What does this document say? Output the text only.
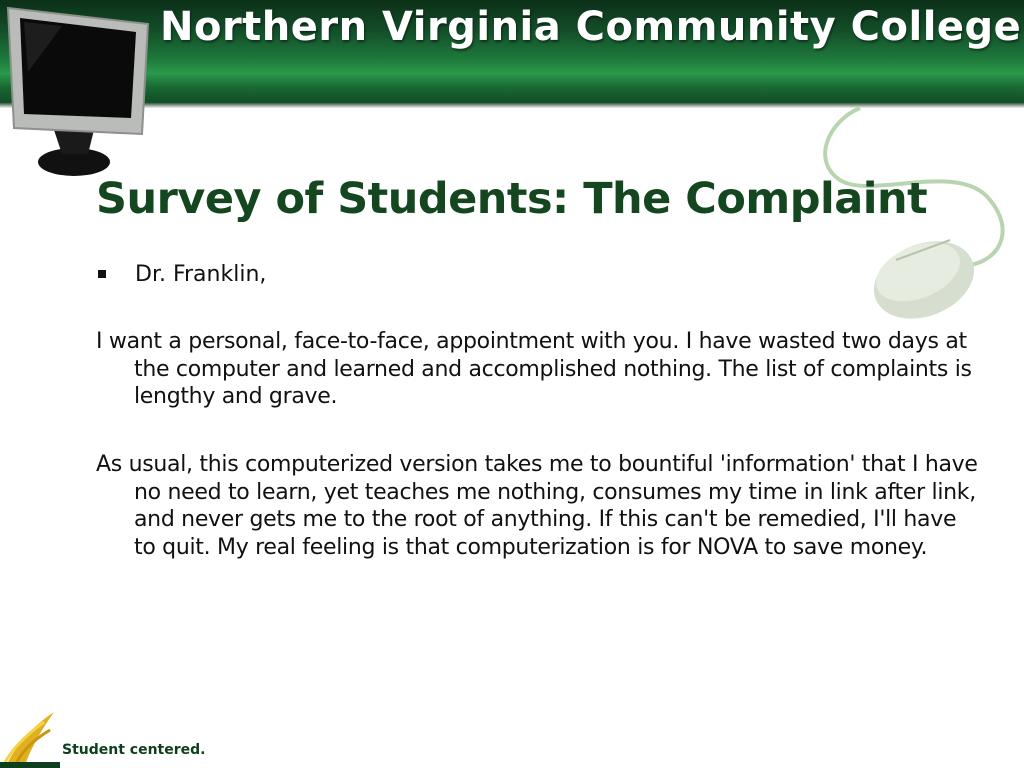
Northern Virginia Community College
Survey of Students: The Complaint
Dr. Franklin,
I want a personal, face-to-face, appointment with you. I have wasted two days at the computer and learned and accomplished nothing. The list of complaints is lengthy and grave.
As usual, this computerized version takes me to bountiful 'information' that I have no need to learn, yet teaches me nothing, consumes my time in link after link, and never gets me to the root of anything. If this can't be remedied, I'll have to quit. My real feeling is that computerization is for NOVA to save money.
Student centered.
